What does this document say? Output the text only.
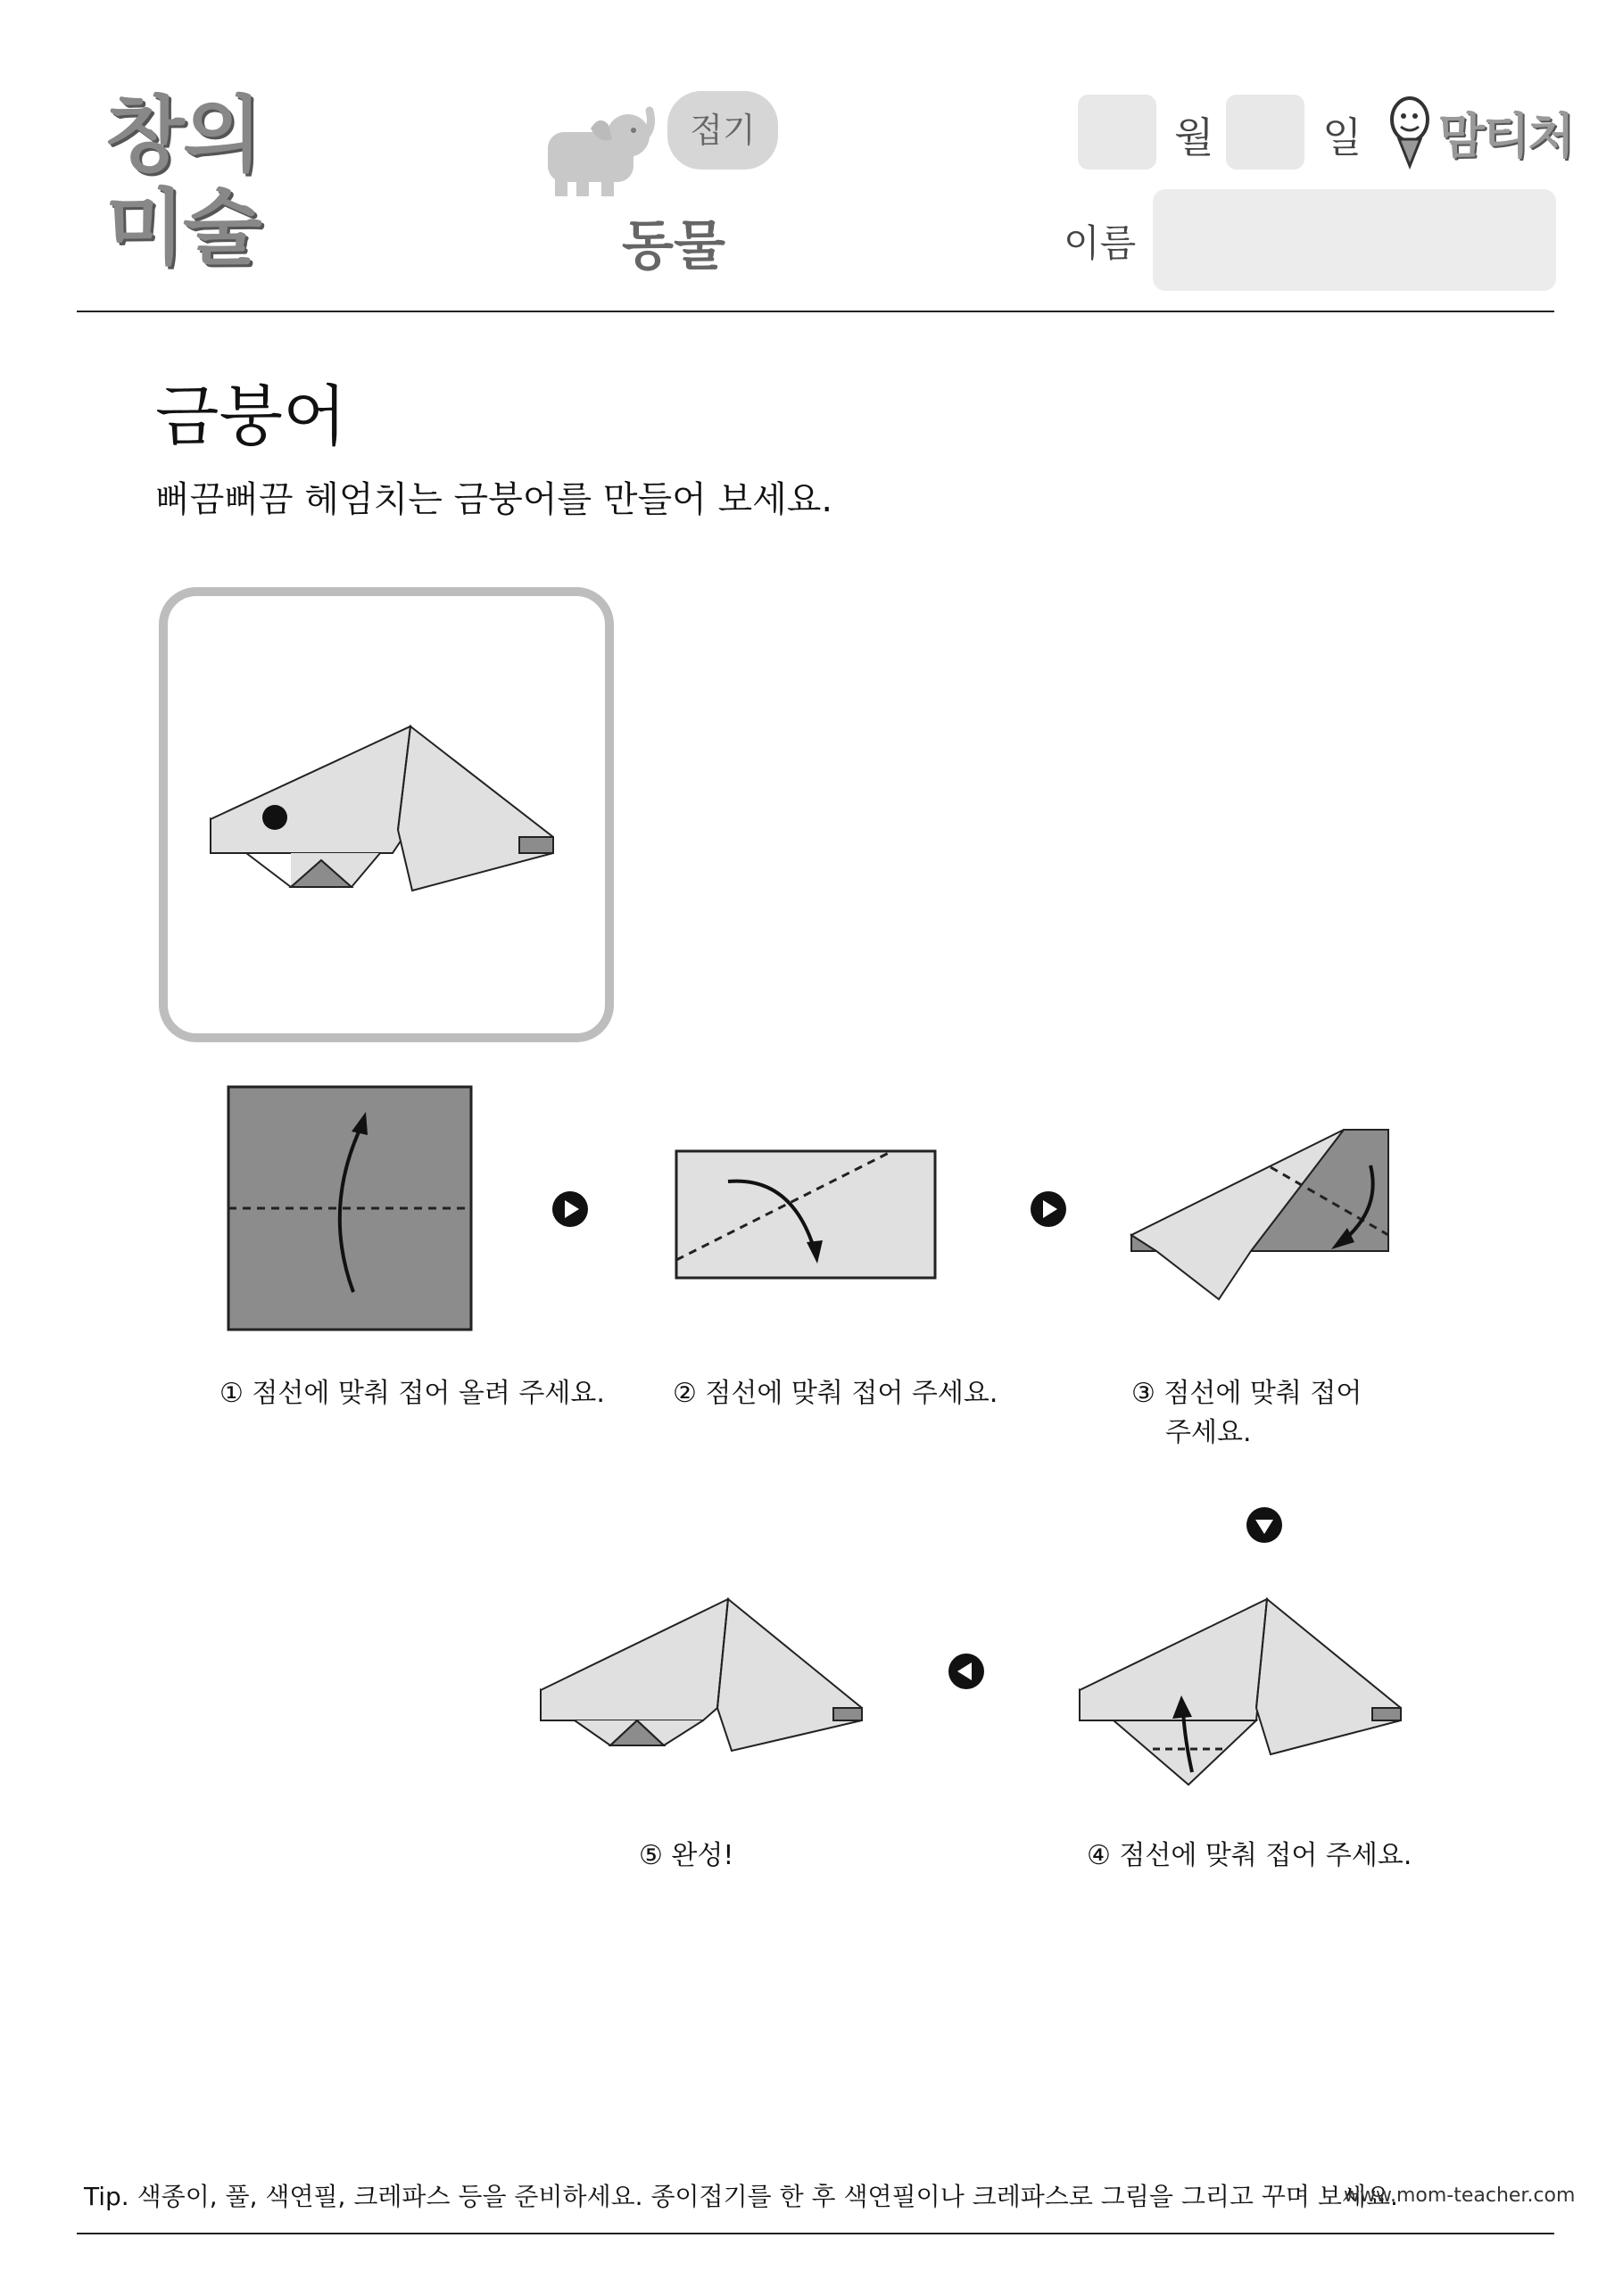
창의
미술
접기
동물
월	일 맘티처
이름
금붕어
뻐끔뻐끔 헤엄치는 금붕어를 만들어 보세요.
① 점선에 맞춰 접어 올려 주세요.	② 점선에 맞춰 접어 주세요.	③ 점선에 맞춰 접어
주세요.
④ 점선에 맞춰 접어 주세요.
⑤ 완성!
Tip. 색종이, 풀, 색연필, 크레파스 등을 준비하세요. 종이접기를 한 후 색연필이나 크레파스로 그림을 그리고 꾸며 보세요.
www.mom-teacher.com
